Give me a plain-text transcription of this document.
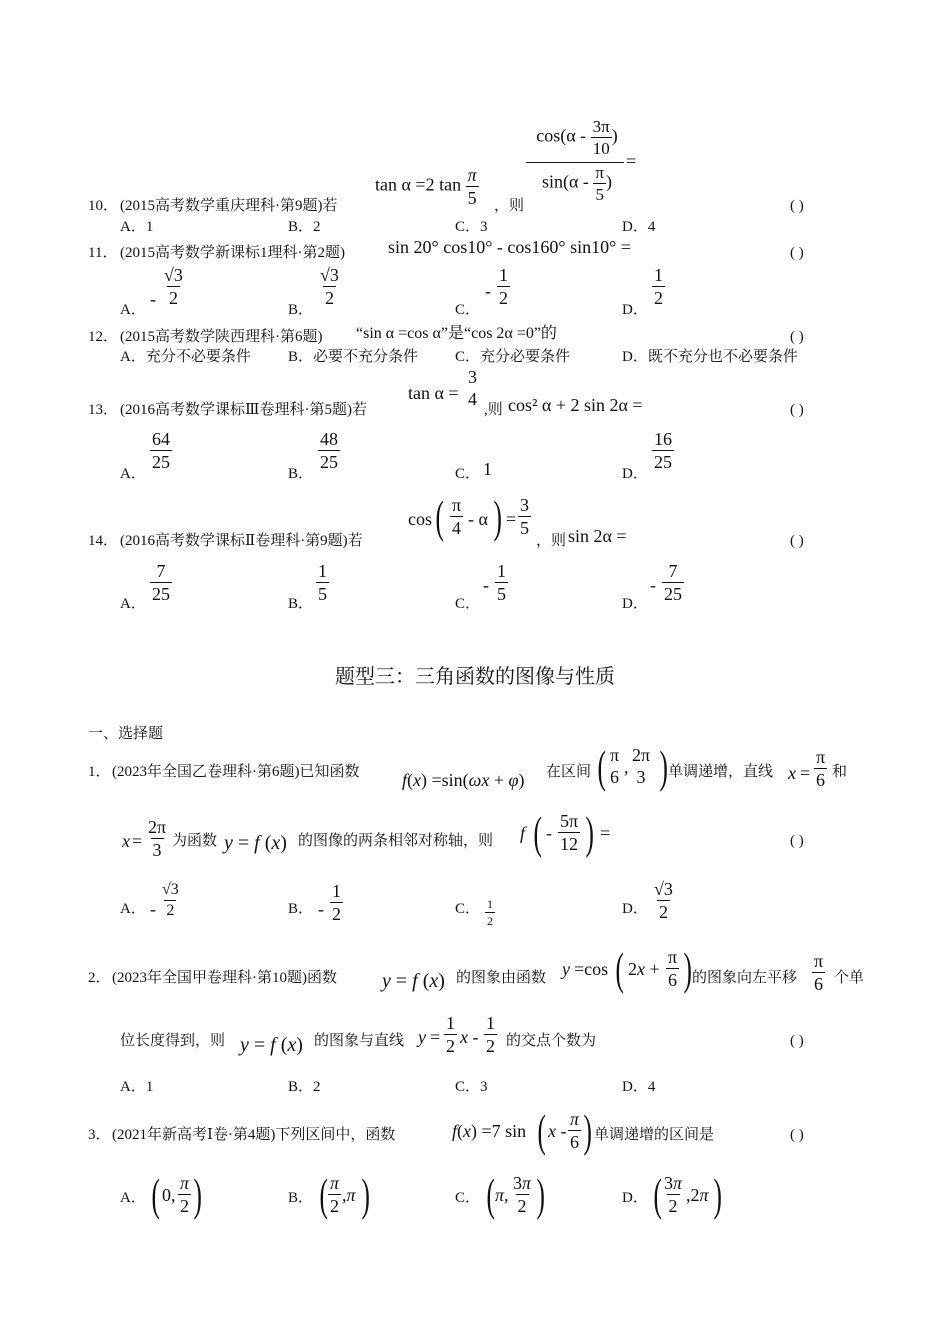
10． (2015高考数学重庆理科·第9题)若
tan α =2 $\tan \frac{\pi}{5}$ ，则
$\cos(\alpha - \frac{3\pi}{10}$ )
$\sin(\alpha - \frac{\pi}{5}$ )
=
( )
A．1	B．2	C．3	D．4
11． (2015高考数学新课标1理科·第2题) sin 20° cos10° - cos160° sin10° =	( )
A．
- $\frac{√3}{2}$
B．
$\frac{√3}{2}$
C．
- $\frac{1}{2}$
D．
$\frac{1}{2}$
12． (2015高考数学陕西理科·第6题) “sin α =cos α”是“cos 2α =0”的	( )
A．充分不必要条件 B．必要不充分条件 C．充分必要条件	D．既不充分也不必要条件
13． (2016高考数学课标Ⅲ卷理科·第5题)若
tan α =
3
4
,则 cos² α + 2 sin 2α =	( )
A．
$\frac{64}{25}$
B．
$\frac{48}{25}$
C． 1	D．
$\frac{16}{25}$
14． (2016高考数学课标Ⅱ卷理科·第9题)若
cos ( $\frac{\pi}{4}$ - α ) = $\frac{3}{5}$
，则 sin 2α =	( )
A．
$\frac{7}{25}$
B．
$\frac{1}{5}$
C．
- $\frac{1}{5}$
D．
- $\frac{7}{25}$
题型三：三角函数的图像与性质
一、选择题
1． (2023年全国乙卷理科·第6题)已知函数 f(x) =sin(ωx + φ) 在区间 ( π
6 ,
2π
3 ) 单调递增，直线 $x = \frac{\pi}{6}$ 和
$x = \frac{2\pi}{3}$ 为函数 y = f (x) 的图像的两条相邻对称轴，则 f ( - $\frac{5\pi}{12}$ ) =	( )
A． - $\frac{√3}{2}$	B． - $\frac{1}{2}$	C． $\frac{1}{2}$	D． $\frac{√3}{2}$
2． (2023年全国甲卷理科·第10题)函数 y = f (x) 的图象由函数 y =cos ( $2x + \frac{\pi}{6}$ ) 的图象向左平移 $\frac{\pi}{6}$ 个单
位长度得到，则 y = f (x) 的图象与直线 $y = \frac{1}{2}$ x - $\frac{1}{2}$ 的交点个数为	( )
A．1	B．2	C．3	D．4
3． (2021年新高考Ⅰ卷·第4题)下列区间中，函数	f(x) =7 sin ( x - $\frac{\pi}{6}$ ) 单调递增的区间是	( )
A． ( 0, $\frac{\pi}{2}$ )	B． ( $\frac{\pi}{2} ,\pi$ )	C． ( π, $\frac{3\pi}{2}$ )	D． ( $\frac{3\pi}{2} ,2\pi$ )
